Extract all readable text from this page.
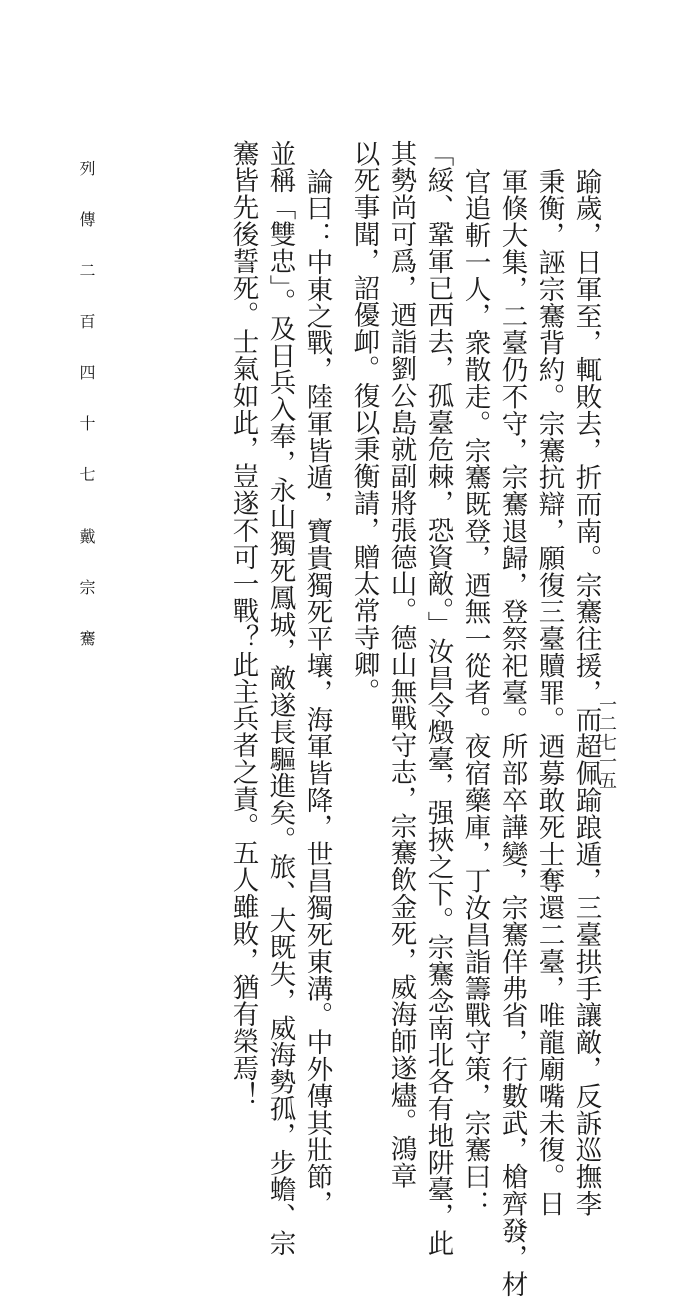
踰歲，日軍至，輒敗去，折而南。宗騫往援，而超佩踰踉遁，三臺拱手讓敵，反訴巡撫李
秉衡，誣宗騫背約。宗騫抗辯，願復三臺贖罪。迺募敢死士奪還二臺，唯龍廟嘴未復。日
軍倏大集，二臺仍不守，宗騫退歸，登祭祀臺。所部卒譁變，宗騫佯弗省，行數武，槍齊發，材
官追斬一人，衆散走。宗騫既登，迺無一從者。夜宿藥庫，丁汝昌詣籌戰守策，宗騫曰：
「綏、鞏軍已西去，孤臺危棘，恐資敵。」汝昌令燬臺，强挾之下。宗騫念南北各有地阱臺，此
其勢尚可爲，迺詣劉公島就副將張德山。德山無戰守志，宗騫飲金死，威海師遂燼。鴻章
以死事聞，詔優卹。復以秉衡請，贈太常寺卿。
論曰：中東之戰，陸軍皆遁，寶貴獨死平壤，海軍皆降，世昌獨死東溝。中外傳其壯節，
並稱「雙忠」。及日兵入奉，永山獨死鳳城，敵遂長驅進矣。旅、大既失，威海勢孤，步蟾、宗
騫皆先後誓死。士氣如此，豈遂不可一戰？此主兵者之責。五人雖敗，猶有榮焉！
列 傳 二 百 四 十 七戴 宗 騫
一二七一五
